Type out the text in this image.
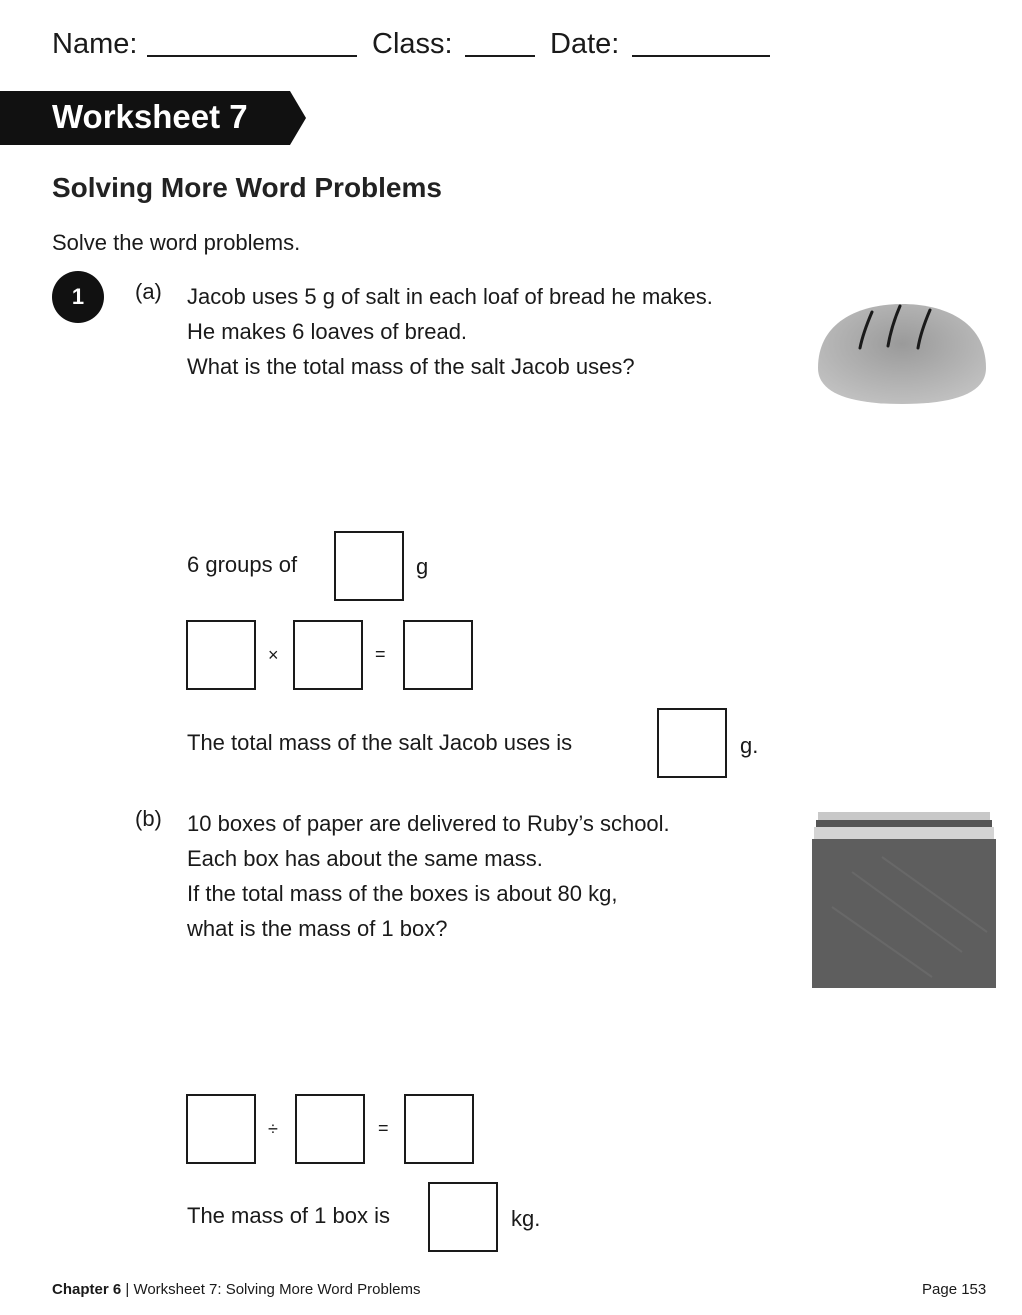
Name:	Class:	Date:
Worksheet 7
Solving More Word Problems
Solve the word problems.
1	(a) Jacob uses 5 g of salt in each loaf of bread he makes.
He makes 6 loaves of bread.
What is the total mass of the salt Jacob uses?
6 groups of	g
×	=
The total mass of the salt Jacob uses is	g.
(b) 10 boxes of paper are delivered to Ruby’s school.
Each box has about the same mass.
If the total mass of the boxes is about 80 kg,
what is the mass of 1 box?
÷	=
The mass of 1 box is	kg.
Chapter 6 | Worksheet 7: Solving More Word Problems	Page 153
